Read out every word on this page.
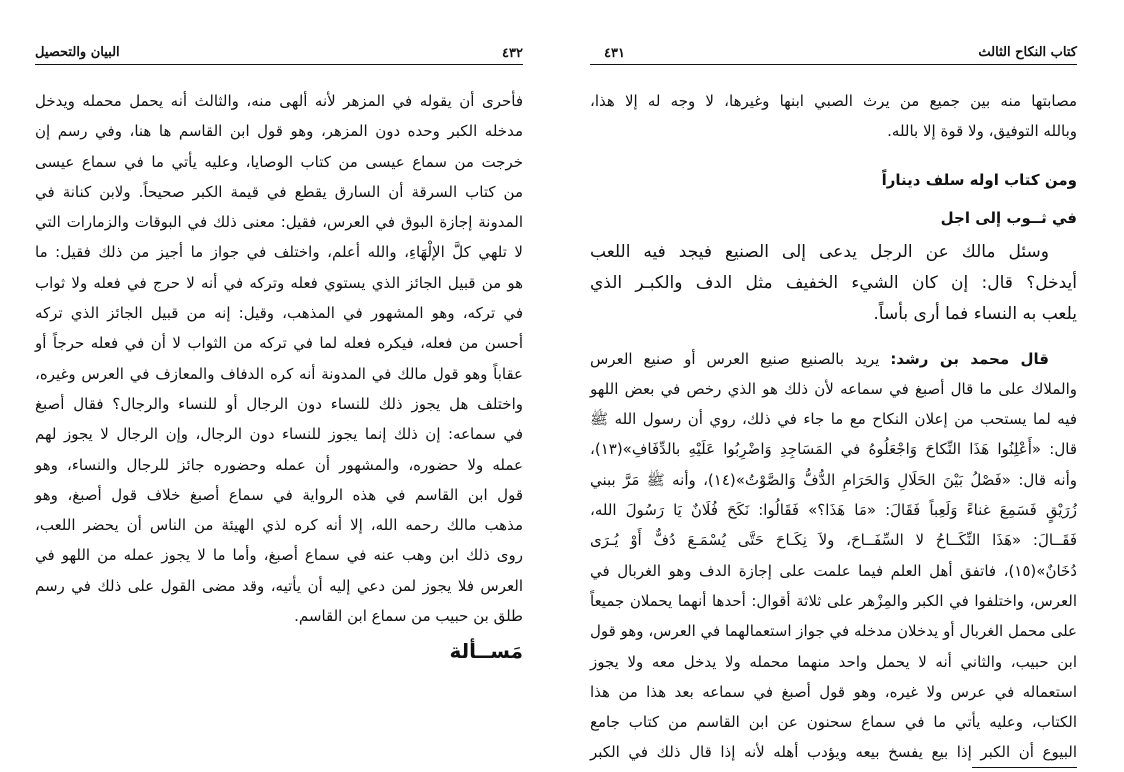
البيان والتحصيل	٤٣٢
فأحرى أن يقوله في المزهر لأنه ألهى منه، والثالث أنه يحمل محمله ويدخل
مدخله الكبر وحده دون المزهر، وهو قول ابن القاسم ها هنا، وفي رسم إن
خرجت من سماع عيسى من كتاب الوصايا، وعليه يأتي ما في سماع عيسى
من كتاب السرقة أن السارق يقطع في قيمة الكبر صحيحاً. ولابن كنانة في
المدونة إجازة البوق في العرس، فقيل: معنى ذلك في البوقات والزمارات التي
لا تلهي كلَّ الإلْهَاءِ، والله أعلم، واختلف في جواز ما أجيز من ذلك فقيل: ما
هو من قبيل الجائز الذي يستوي فعله وتركه في أنه لا حرج في فعله ولا ثواب
في تركه، وهو المشهور في المذهب، وقيل: إنه من قبيل الجائز الذي تركه
أحسن من فعله، فيكره فعله لما في تركه من الثواب لا أن في فعله حرجاً أو
عقاباً وهو قول مالك في المدونة أنه كره الدفاف والمعازف في العرس وغيره،
واختلف هل يجوز ذلك للنساء دون الرجال أو للنساء والرجال؟ فقال أصبغ
في سماعه: إن ذلك إنما يجوز للنساء دون الرجال، وإن الرجال لا يجوز لهم
عمله ولا حضوره، والمشهور أن عمله وحضوره جائز للرجال والنساء، وهو
قول ابن القاسم في هذه الرواية في سماع أصبغ خلاف قول أصبغ، وهو
مذهب مالك رحمه الله، إلا أنه كره لذي الهيئة من الناس أن يحضر اللعب،
روى ذلك ابن وهب عنه في سماع أصبغ، وأما ما لا يجوز عمله من اللهو في
العرس فلا يجوز لمن دعي إليه أن يأتيه، وقد مضى القول على ذلك في رسم
طلق بن حبيب من سماع ابن القاسم.
مَســألة
كتاب النكاح الثالث
٤٣١
مصابتها منه بين جميع من يرث الصبي ابنها وغيرها، لا وجه له إلا هذا،
وبالله التوفيق، ولا قوة إلا بالله.
ومن كتاب اوله سلف ديناراً
في ثــوب إلى اجل
وسئل مالك عن الرجل يدعى إلى الصنيع فيجد فيه اللعب
أيدخل؟ قال: إن كان الشيء الخفيف مثل الدف والكبـر الذي
يلعب به النساء فما أرى بأساً.
قال محمد بن رشد: يريد بالصنيع صنيع العرس أو صنيع العرس
والملاك على ما قال أصبغ في سماعه لأن ذلك هو الذي رخص في بعض اللهو
فيه لما يستحب من إعلان النكاح مع ما جاء في ذلك، روي أن رسول الله ﷺ
قال: «أَعْلِنُوا هَذَا النِّكاحَ وَاجْعَلُوهُ في المَسَاجِدِ وَاضْرِبُوا عَلَيْهِ بالدِّفَافِ»(١٣)،
وأنه قال: «فَصْلُ بَيْنَ الحَلَالِ وَالحَرَامِ الدُّفُّ وَالصَّوْتُ»(١٤)، وأنه ﷺ مَرَّ ببني
زُرَيْقٍ فَسَمِعَ غناءً وَلَعِباً فَقَالَ: «مَا هَذَا؟» فَقَالُوا: نَكَحَ فُلَانٌ يَا رَسُولَ الله،
فَقَــالَ: «هَذَا النِّكَــاحُ لا السِّفَــاحَ، ولاَ نِكَـاحَ حَتَّى يُسْمَـعَ دُفٌّ أَوْ يُـرَى
دُخَانٌ»(١٥)، فاتفق أهل العلم فيما علمت على إجازة الدف وهو الغربال في
العرس، واختلفوا في الكبر والمِزْهر على ثلاثة أقوال: أحدها أنهما يحملان جميعاً
على محمل الغربال أو يدخلان مدخله في جواز استعمالهما في العرس، وهو قول
ابن حبيب، والثاني أنه لا يحمل واحد منهما محمله ولا يدخل معه ولا يجوز
استعماله في عرس ولا غيره، وهو قول أصبغ في سماعه بعد هذا من هذا
الكتاب، وعليه يأتي ما في سماع سحنون عن ابن القاسم من كتاب جامع
البيوع أن الكبر إذا بيع يفسخ بيعه ويؤدب أهله لأنه إذا قال ذلك في الكبر
